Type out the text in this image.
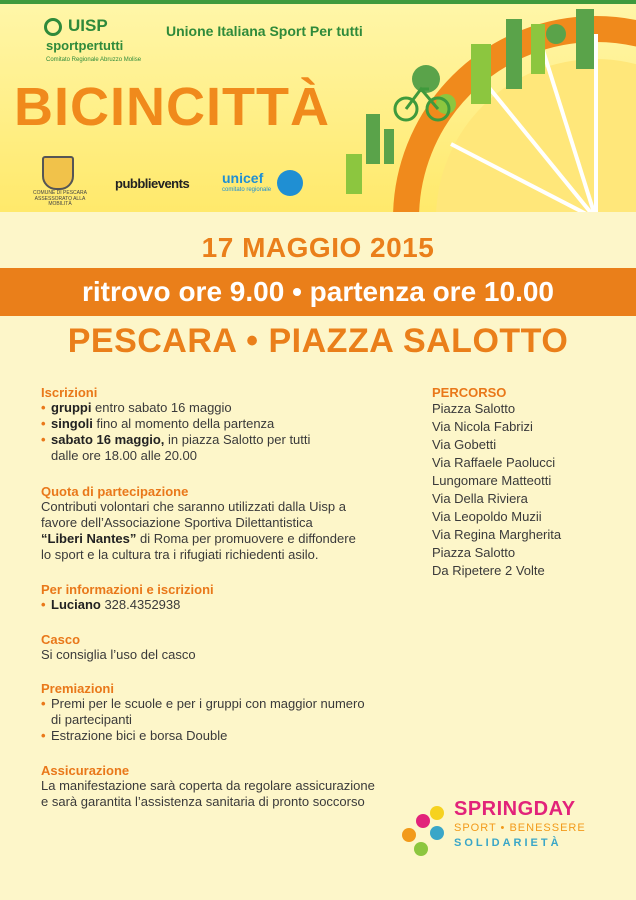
UISP
sportpertutti
Comitato Regionale Abruzzo Molise
Unione Italiana Sport Per tutti
BICINCITTÀ
COMUNE DI PESCARA ASSESSORATO ALLA MOBILITÀ
pubblievents unicef
comitato regionale
17 MAGGIO 2015
ritrovo ore 9.00 • partenza ore 10.00
PESCARA • PIAZZA SALOTTO
Iscrizioni
• gruppi entro sabato 16 maggio
• singoli fino al momento della partenza
• sabato 16 maggio, in piazza Salotto per tutti
dalle ore 18.00 alle 20.00
Quota di partecipazione
Contributi volontari che saranno utilizzati dalla Uisp a
favore dell’Associazione Sportiva Dilettantistica
“Liberi Nantes” di Roma per promuovere e diffondere
lo sport e la cultura tra i rifugiati richiedenti asilo.
Per informazioni e iscrizioni
• Luciano 328.4352938
Casco
Si consiglia l’uso del casco
Premiazioni
• Premi per le scuole e per i gruppi con maggior numero
di partecipanti
• Estrazione bici e borsa Double
Assicurazione
La manifestazione sarà coperta da regolare assicurazione
e sarà garantita l’assistenza sanitaria di pronto soccorso
PERCORSO
Piazza Salotto
Via Nicola Fabrizi
Via Gobetti
Via Raffaele Paolucci
Lungomare Matteotti
Via Della Riviera
Via Leopoldo Muzii
Via Regina Margherita
Piazza Salotto
Da Ripetere 2 Volte
SPRINGDAY
SPORT • BENESSERE
SOLIDARIETÀ
